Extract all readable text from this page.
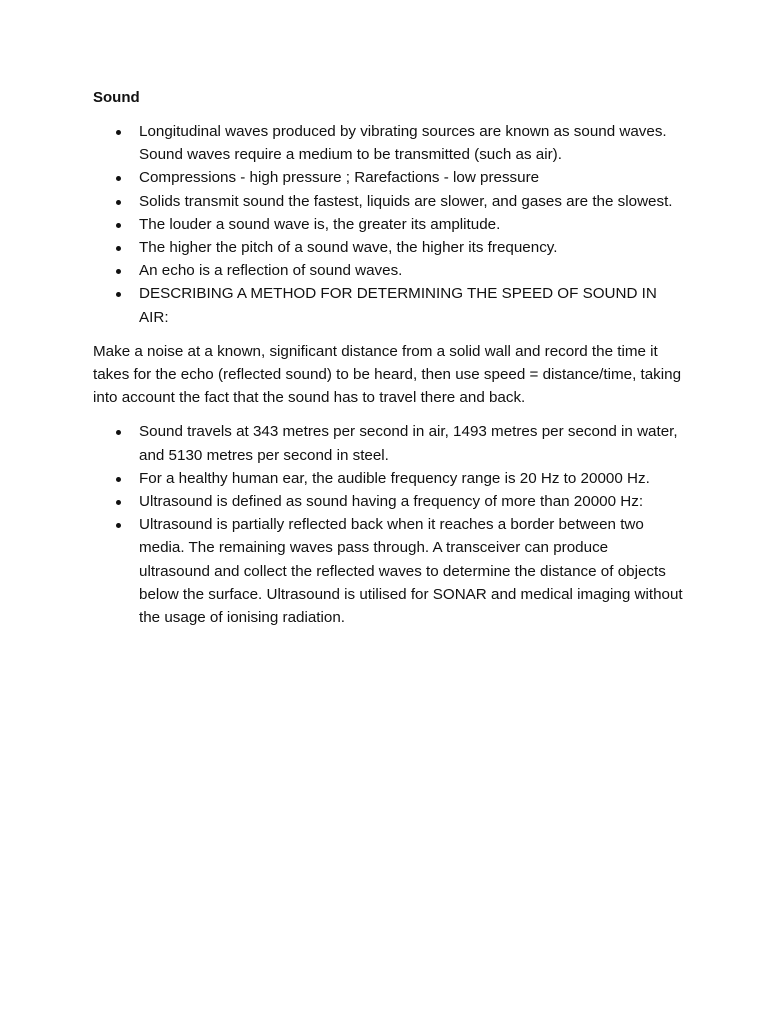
Sound
Longitudinal waves produced by vibrating sources are known as sound waves. Sound waves require a medium to be transmitted (such as air).
Compressions - high pressure ; Rarefactions - low pressure
Solids transmit sound the fastest, liquids are slower, and gases are the slowest.
The louder a sound wave is, the greater its amplitude.
The higher the pitch of a sound wave, the higher its frequency.
An echo is a reflection of sound waves.
DESCRIBING A METHOD FOR DETERMINING THE SPEED OF SOUND IN AIR:

Make a noise at a known, significant distance from a solid wall and record the time it takes for the echo (reflected sound) to be heard, then use speed = distance/time, taking into account the fact that the sound has to travel there and back.

Sound travels at 343 metres per second in air, 1493 metres per second in water, and 5130 metres per second in steel.
For a healthy human ear, the audible frequency range is 20 Hz to 20000 Hz.
Ultrasound is defined as sound having a frequency of more than 20000 Hz:
Ultrasound is partially reflected back when it reaches a border between two media. The remaining waves pass through. A transceiver can produce ultrasound and collect the reflected waves to determine the distance of objects below the surface. Ultrasound is utilised for SONAR and medical imaging without the usage of ionising radiation.
